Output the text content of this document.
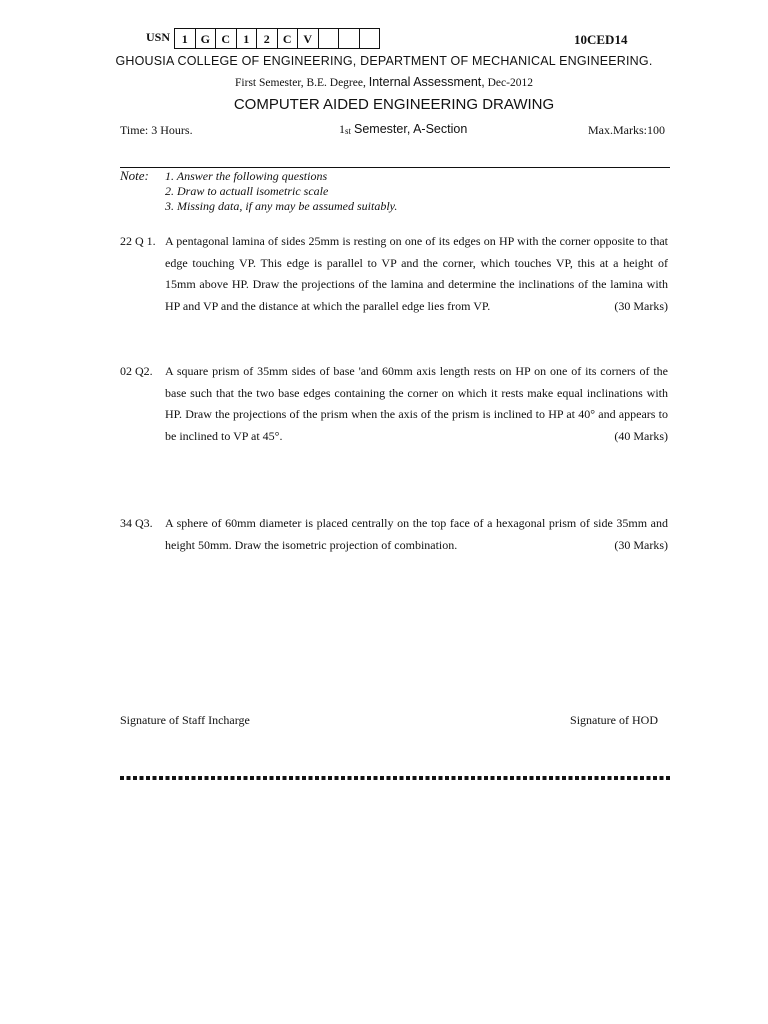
USN 1	G C	1	2	C V	10CED14
GHOUSIA COLLEGE OF ENGINEERING, DEPARTMENT OF MECHANICAL ENGINEERING.
First Semester, B.E. Degree, Internal Assessment, Dec-2012
COMPUTER AIDED ENGINEERING DRAWING
Time: 3 Hours.	1st Semester, A-Section	Max.Marks:100
Note: 1. Answer the following questions
2. Draw to actuall isometric scale
3. Missing data, if any may be assumed suitably.
22 Q 1. A pentagonal lamina of sides 25mm is resting on one of its edges on HP with the corner opposite to that edge touching VP. This edge is parallel to VP and the corner, which touches VP, this at a height of 15mm above HP. Draw the projections of the lamina and determine the inclinations of the lamina with HP and VP and the distance at which the parallel edge lies from VP.	(30 Marks)
02 Q2.	A square prism of 35mm sides of base 'and 60mm axis length rests on HP on one of its corners of the base such that the two base edges containing the corner on which it rests make equal inclinations with HP. Draw the projections of the prism when the axis of the prism is inclined to HP at 40° and appears to be inclined to VP at 45°.	(40 Marks)
34 Q3.	A sphere of 60mm diameter is placed centrally on the top face of a hexagonal prism of side 35mm and height 50mm. Draw the isometric projection of combination.	(30 Marks)
Signature of Staff Incharge	Signature of HOD
